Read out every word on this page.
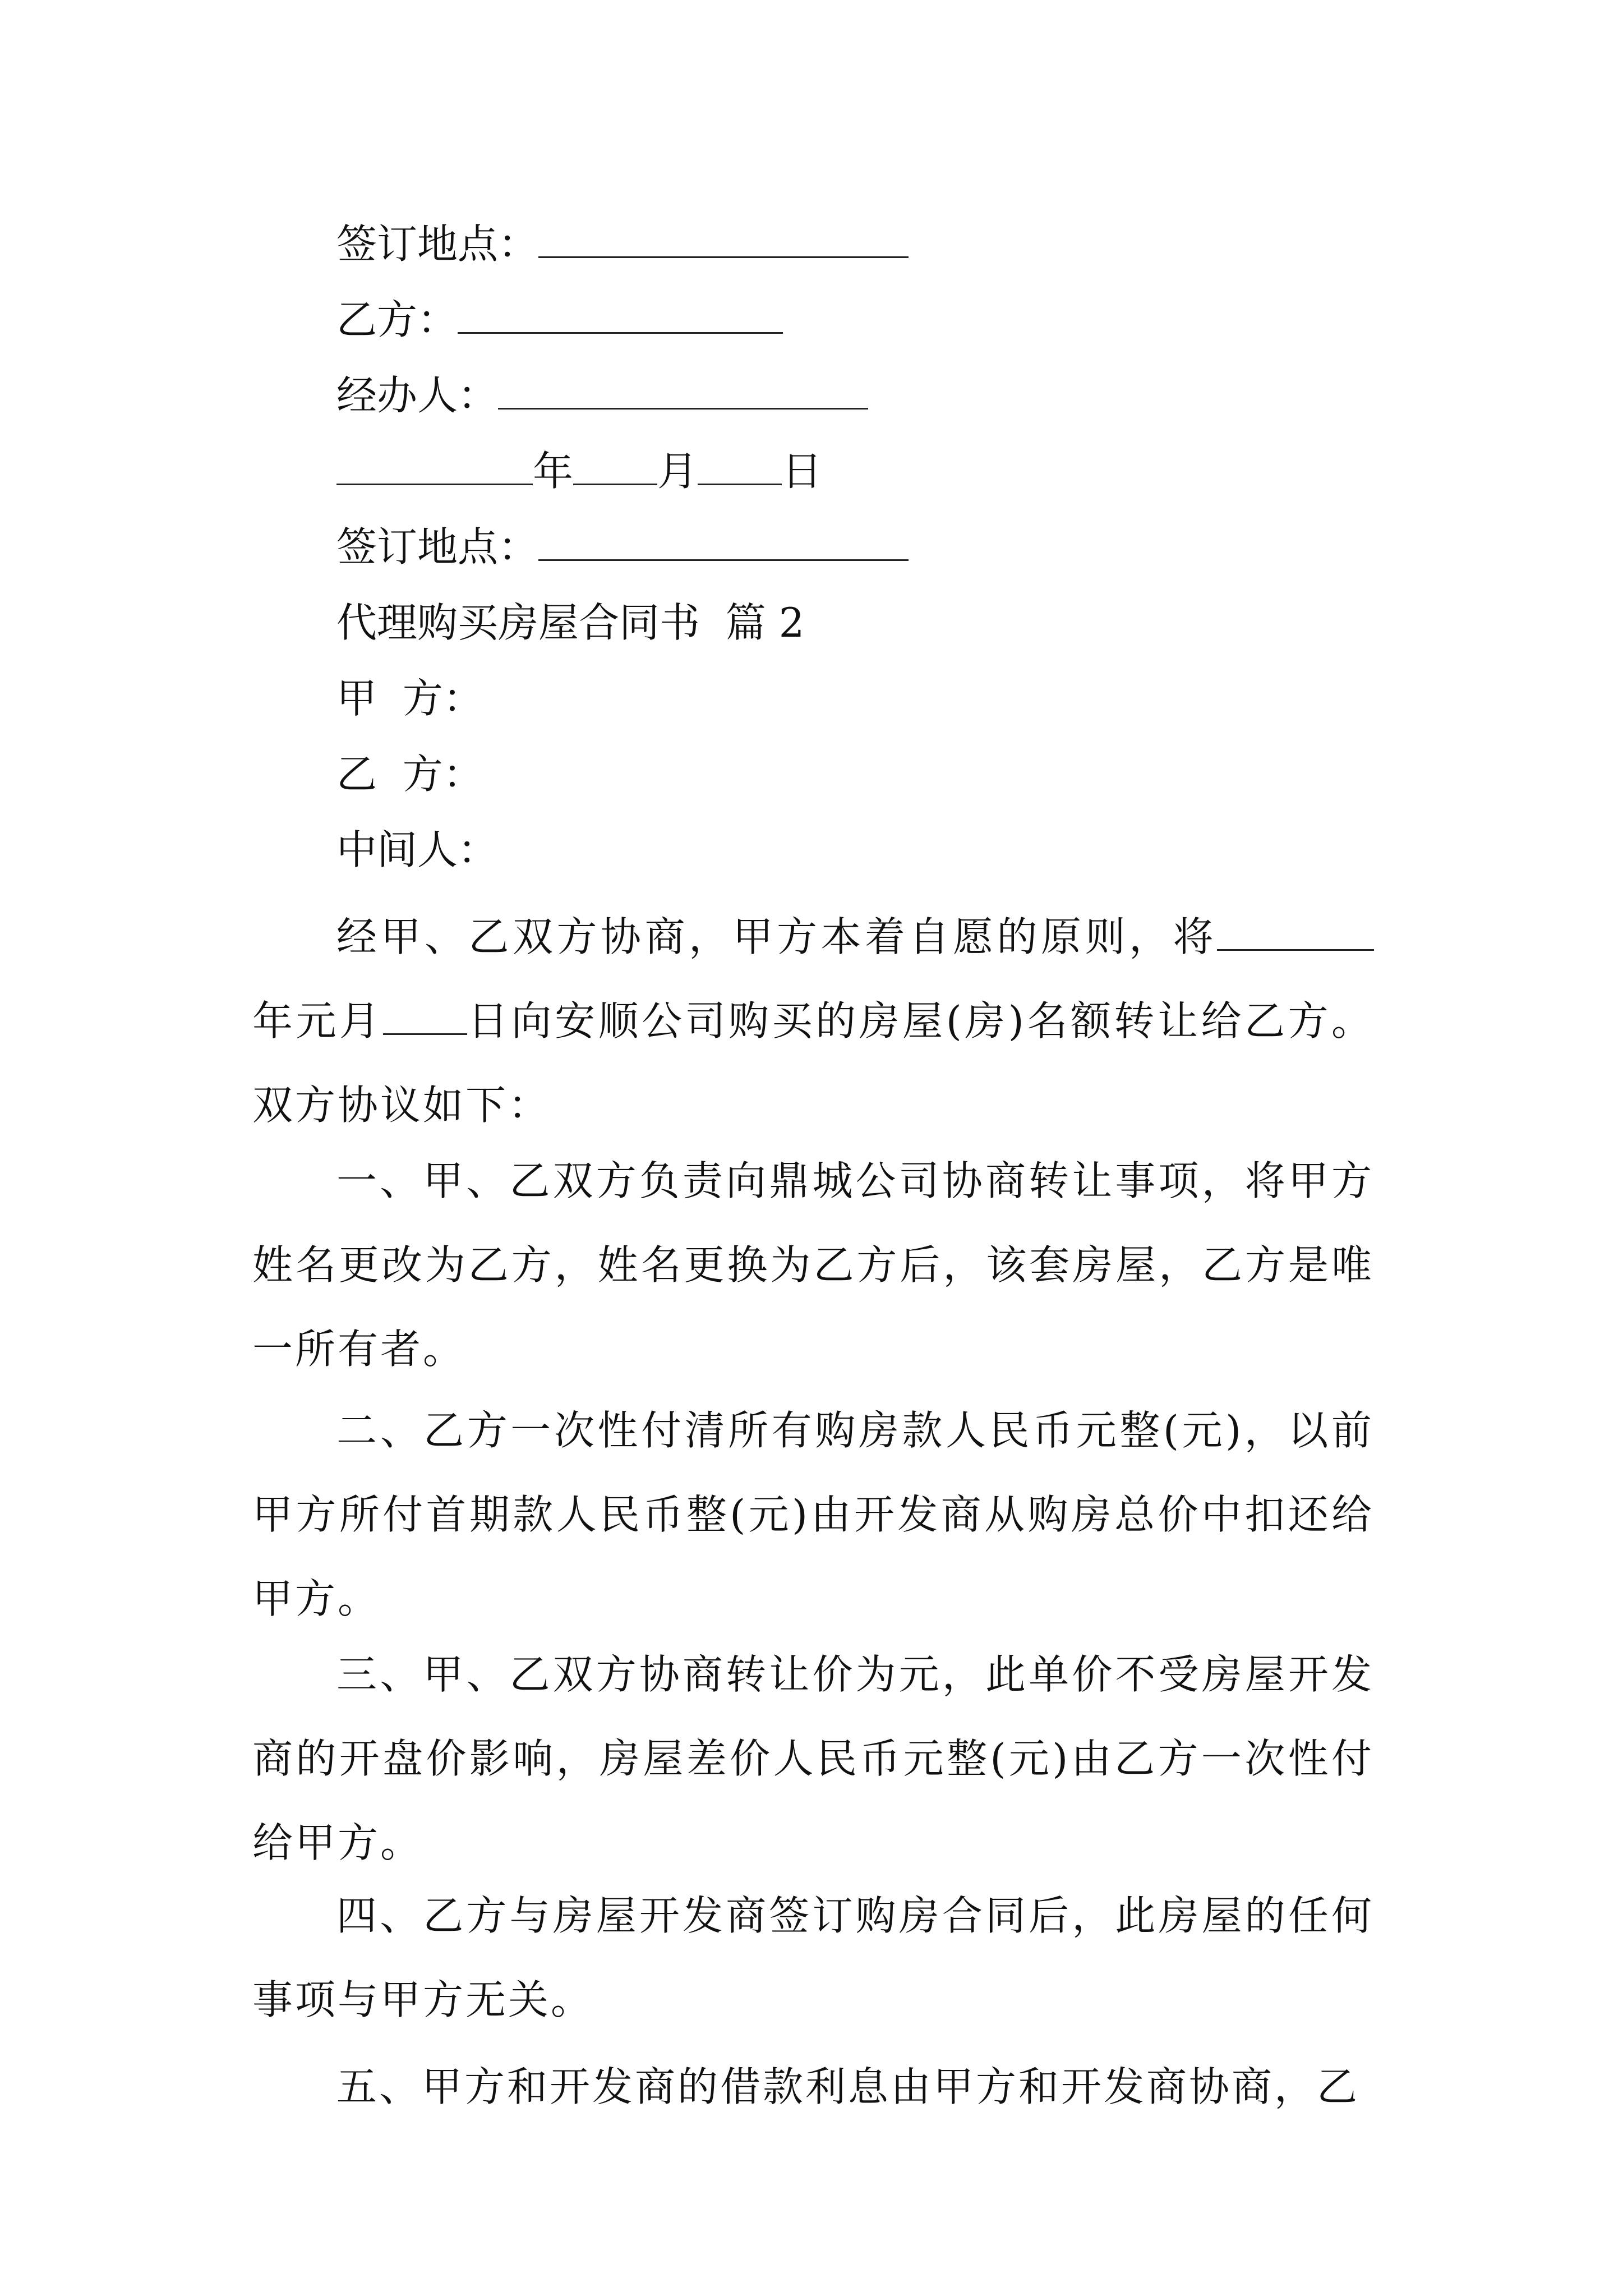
签订地点：
乙方：
经办人：
年 月 日
签订地点：
代理购买房屋合同书  篇 2
甲  方：
乙  方：
中间人：
经甲、乙双方协商，甲方本着自愿的原则，将年元月 日向安顺公司购买的房屋(房)名额转让给乙方。双方协议如下：
一、甲、乙双方负责向鼎城公司协商转让事项，将甲方姓名更改为乙方，姓名更换为乙方后，该套房屋，乙方是唯一所有者。
二、乙方一次性付清所有购房款人民币元整(元)，以前甲方所付首期款人民币整(元)由开发商从购房总价中扣还给甲方。
三、甲、乙双方协商转让价为元，此单价不受房屋开发商的开盘价影响，房屋差价人民币元整(元)由乙方一次性付给甲方。
四、乙方与房屋开发商签订购房合同后，此房屋的任何事项与甲方无关。
五、甲方和开发商的借款利息由甲方和开发商协商，乙
